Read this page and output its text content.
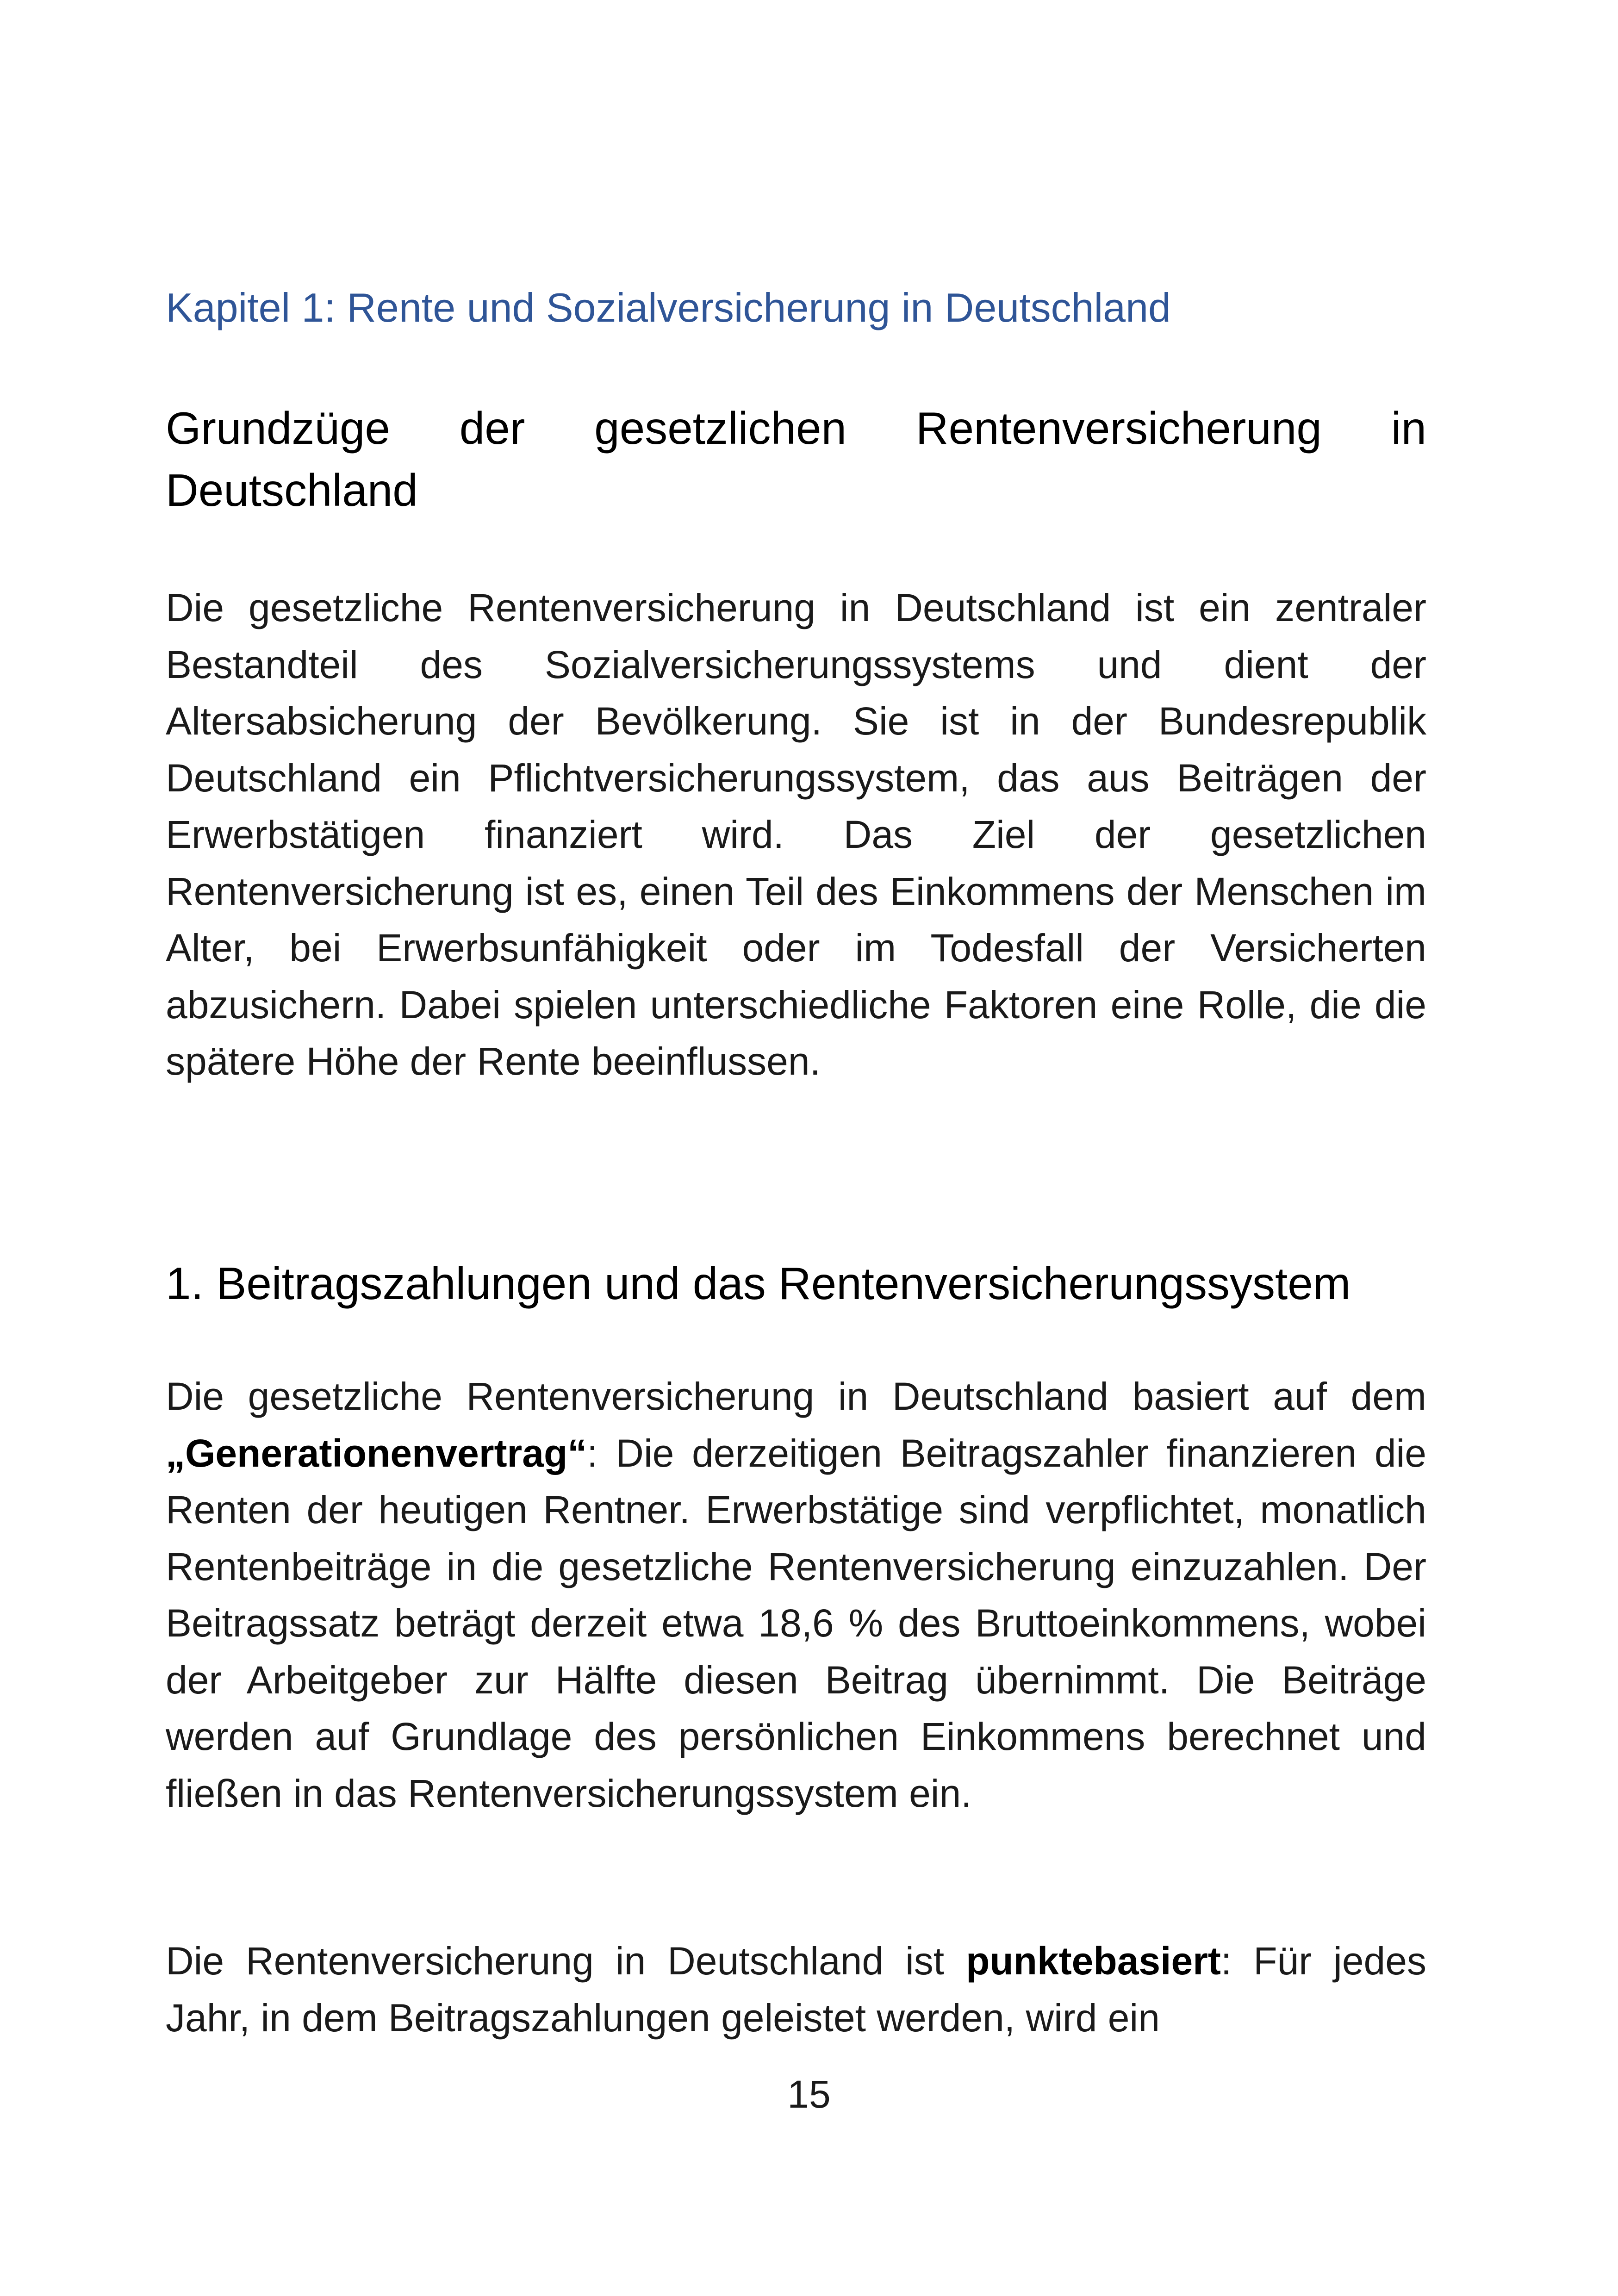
Kapitel 1: Rente und Sozialversicherung in Deutschland
Grundzüge der gesetzlichen Rentenversicherung in Deutschland

Die gesetzliche Rentenversicherung in Deutschland ist ein zentraler Bestandteil des Sozialversicherungssystems und dient der Altersabsicherung der Bevölkerung. Sie ist in der Bundesrepublik Deutschland ein Pflichtversicherungssystem, das aus Beiträgen der Erwerbstätigen finanziert wird. Das Ziel der gesetzlichen Rentenversicherung ist es, einen Teil des Einkommens der Menschen im Alter, bei Erwerbsunfähigkeit oder im Todesfall der Versicherten abzusichern. Dabei spielen unterschiedliche Faktoren eine Rolle, die die spätere Höhe der Rente beeinflussen.

1. Beitragszahlungen und das Rentenversicherungssystem

Die gesetzliche Rentenversicherung in Deutschland basiert auf dem „Generationenvertrag“: Die derzeitigen Beitragszahler finanzieren die Renten der heutigen Rentner. Erwerbstätige sind verpflichtet, monatlich Rentenbeiträge in die gesetzliche Rentenversicherung einzuzahlen. Der Beitragssatz beträgt derzeit etwa 18,6 % des Bruttoeinkommens, wobei der Arbeitgeber zur Hälfte diesen Beitrag übernimmt. Die Beiträge werden auf Grundlage des persönlichen Einkommens berechnet und fließen in das Rentenversicherungssystem ein.

Die Rentenversicherung in Deutschland ist punktebasiert: Für jedes Jahr, in dem Beitragszahlungen geleistet werden, wird ein

15
